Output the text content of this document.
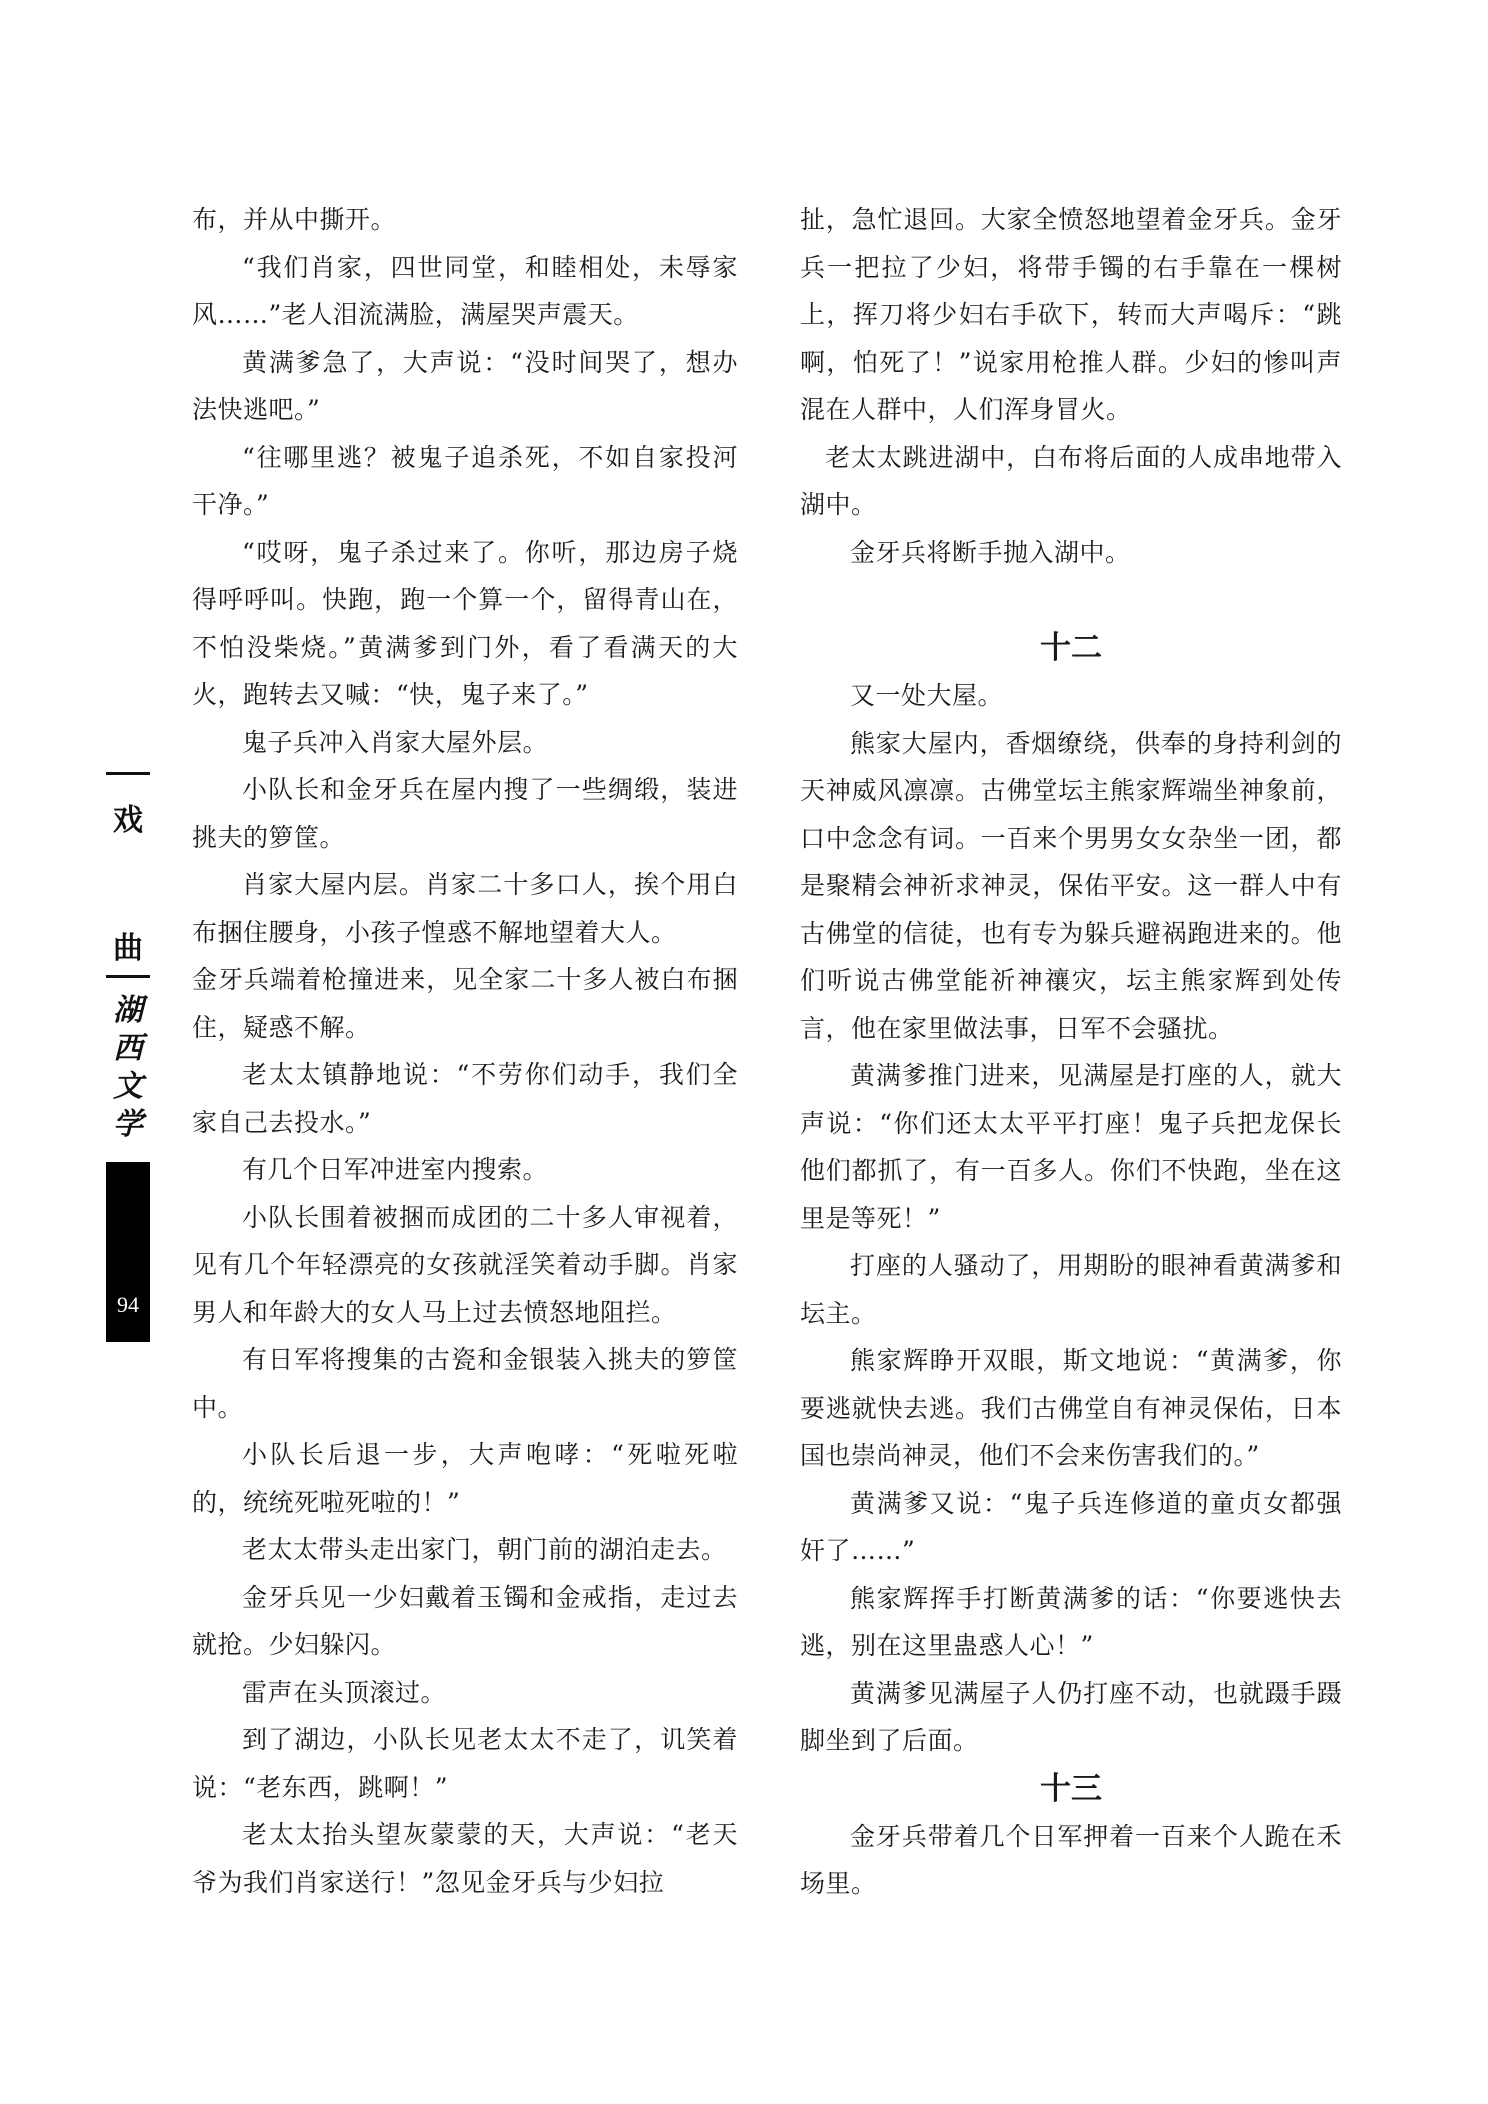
戏
曲
湖
西
文
学
94

布，并从中撕开。

“我们肖家，四世同堂，和睦相处，未辱家风……”老人泪流满脸，满屋哭声震天。

黄满爹急了，大声说：“没时间哭了，想办法快逃吧。”

“往哪里逃？被鬼子追杀死，不如自家投河干净。”

“哎呀，鬼子杀过来了。你听，那边房子烧得呼呼叫。快跑，跑一个算一个，留得青山在，不怕没柴烧。”黄满爹到门外，看了看满天的大火，跑转去又喊：“快，鬼子来了。”

鬼子兵冲入肖家大屋外层。

小队长和金牙兵在屋内搜了一些绸缎，装进挑夫的箩筐。

肖家大屋内层。肖家二十多口人，挨个用白布捆住腰身，小孩子惶惑不解地望着大人。

金牙兵端着枪撞进来，见全家二十多人被白布捆住，疑惑不解。

老太太镇静地说：“不劳你们动手，我们全家自己去投水。”

有几个日军冲进室内搜索。

小队长围着被捆而成团的二十多人审视着，见有几个年轻漂亮的女孩就淫笑着动手脚。肖家男人和年龄大的女人马上过去愤怒地阻拦。

有日军将搜集的古瓷和金银装入挑夫的箩筐中。

小队长后退一步，大声咆哮：“死啦死啦的，统统死啦死啦的！”

老太太带头走出家门，朝门前的湖泊走去。

金牙兵见一少妇戴着玉镯和金戒指，走过去就抢。少妇躲闪。

雷声在头顶滚过。

到了湖边，小队长见老太太不走了，讥笑着说：“老东西，跳啊！”

老太太抬头望灰蒙蒙的天，大声说：“老天爷为我们肖家送行！”忽见金牙兵与少妇拉

扯，急忙退回。大家全愤怒地望着金牙兵。金牙兵一把拉了少妇，将带手镯的右手靠在一棵树上，挥刀将少妇右手砍下，转而大声喝斥：“跳啊，怕死了！”说家用枪推人群。少妇的惨叫声混在人群中，人们浑身冒火。

老太太跳进湖中，白布将后面的人成串地带入湖中。

金牙兵将断手抛入湖中。

十二

又一处大屋。

熊家大屋内，香烟缭绕，供奉的身持利剑的天神威风凛凛。古佛堂坛主熊家辉端坐神象前，口中念念有词。一百来个男男女女杂坐一团，都是聚精会神祈求神灵，保佑平安。这一群人中有古佛堂的信徒，也有专为躲兵避祸跑进来的。他们听说古佛堂能祈神禳灾，坛主熊家辉到处传言，他在家里做法事，日军不会骚扰。

黄满爹推门进来，见满屋是打座的人，就大声说：“你们还太太平平打座！鬼子兵把龙保长他们都抓了，有一百多人。你们不快跑，坐在这里是等死！”

打座的人骚动了，用期盼的眼神看黄满爹和坛主。

熊家辉睁开双眼，斯文地说：“黄满爹，你要逃就快去逃。我们古佛堂自有神灵保佑，日本国也崇尚神灵，他们不会来伤害我们的。”

黄满爹又说：“鬼子兵连修道的童贞女都强奸了……”

熊家辉挥手打断黄满爹的话：“你要逃快去逃，别在这里蛊惑人心！”

黄满爹见满屋子人仍打座不动，也就蹑手蹑脚坐到了后面。

十三

金牙兵带着几个日军押着一百来个人跪在禾场里。
